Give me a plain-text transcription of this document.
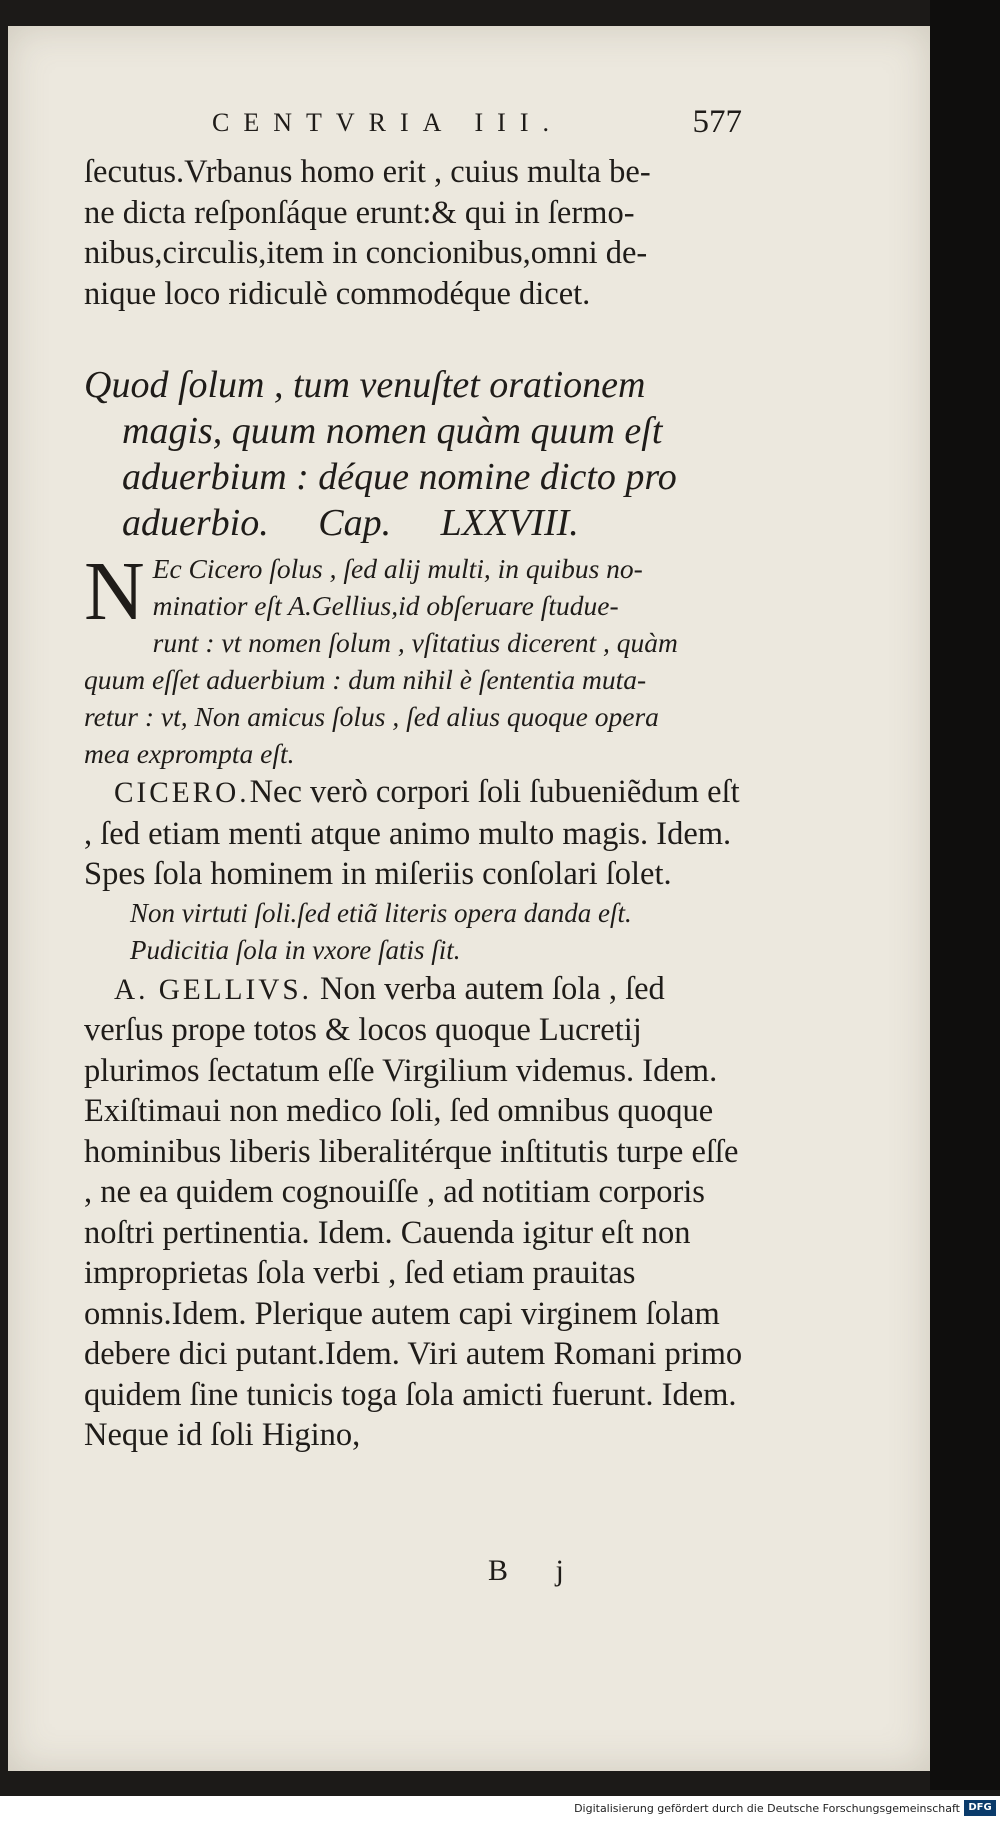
CENTVRIA III.	577

ſecutus.Vrbanus homo erit , cuius multa be-
ne dicta reſponſáque erunt:& qui in ſermo-
nibus,circulis,item in concionibus,omni de-
nique loco ridiculè commodéque dicet.

Quod ſolum , tum venuſtet orationem
magis, quum nomen quàm quum eſt
aduerbium : déque nomine dicto pro
aduerbio. Cap. LXXVIII.
N Ec Cicero ſolus , ſed alij multi, in quibus no-
minatior eſt A.Gellius,id obſeruare ſtudue-
runt : vt nomen ſolum , vſitatius dicerent , quàm
quum eſſet aduerbium : dum nihil è ſententia muta-
retur : vt, Non amicus ſolus , ſed alius quoque opera
mea exprompta eſt.

CICERO.Nec verò corpori ſoli ſubueniẽdum eſt , ſed etiam menti atque animo multo magis. Idem. Spes ſola hominem in miſeriis conſolari ſolet.

Non virtuti ſoli.ſed etiã literis opera danda eſt.

Pudicitia ſola in vxore ſatis ſit.

A. GELLIVS. Non verba autem ſola , ſed verſus prope totos & locos quoque Lucretij plurimos ſectatum eſſe Virgilium videmus. Idem. Exiſtimaui non medico ſoli, ſed omnibus quoque hominibus liberis liberalitérque inſtitutis turpe eſſe , ne ea quidem cognouiſſe , ad notitiam corporis noſtri pertinentia. Idem. Cauenda igitur eſt non improprietas ſola verbi , ſed etiam prauitas omnis.Idem. Plerique autem capi virginem ſolam debere dici putant.Idem. Viri autem Romani primo quidem ſine tunicis toga ſola amicti fuerunt. Idem. Neque id ſoli Higino,

B j
Digitalisierung gefördert durch die Deutsche Forschungsgemeinschaft DFG
